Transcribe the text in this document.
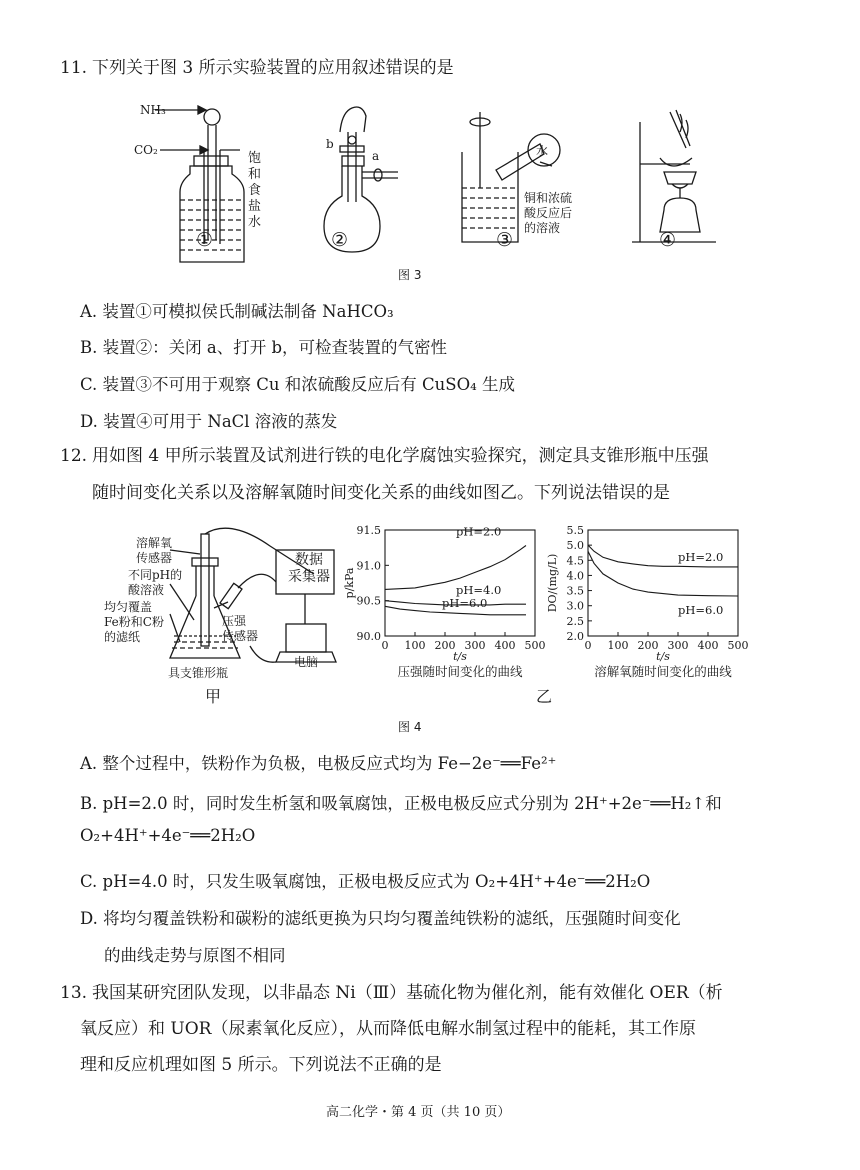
11. 下列关于图 3 所示实验装置的应用叙述错误的是
NH₃
CO₂
饱
和
食
盐
水
b
a	水
铜和浓硫
酸反应后
的溶液
①	②	③	④
图 3
A. 装置①可模拟侯氏制碱法制备 NaHCO₃
B. 装置②：关闭 a、打开 b，可检查装置的气密性
C. 装置③不可用于观察 Cu 和浓硫酸反应后有 CuSO₄ 生成
D. 装置④可用于 NaCl 溶液的蒸发
12. 用如图 4 甲所示装置及试剂进行铁的电化学腐蚀实验探究，测定具支锥形瓶中压强
随时间变化关系以及溶解氧随时间变化关系的曲线如图乙。下列说法错误的是
溶解氧
传感器
不同pH的
酸溶液
均匀覆盖
Fe粉和C粉
的滤纸
具支锥形瓶
压强
传感器
数据
采集器
电脑
甲
90.0
90.5
91.0
91.5
0 100 200 300 400 500
t/s
p/kPa
压强随时间变化的曲线
pH=2.0
pH=4.0
pH=6.0
2.0
2.5
3.0
3.5
4.0
4.5
5.0
5.5
0 100 200 300 400 500
t/s
DO/(mg/L)
溶解氧随时间变化的曲线
pH=2.0
pH=6.0
乙
图 4
A. 整个过程中，铁粉作为负极，电极反应式均为 Fe−2e⁻══Fe²⁺
B. pH=2.0 时，同时发生析氢和吸氧腐蚀，正极电极反应式分别为 2H⁺+2e⁻══H₂↑和
O₂+4H⁺+4e⁻══2H₂O
C. pH=4.0 时，只发生吸氧腐蚀，正极电极反应式为 O₂+4H⁺+4e⁻══2H₂O
D. 将均匀覆盖铁粉和碳粉的滤纸更换为只均匀覆盖纯铁粉的滤纸，压强随时间变化
的曲线走势与原图不相同
13. 我国某研究团队发现，以非晶态 Ni（Ⅲ）基硫化物为催化剂，能有效催化 OER（析
氧反应）和 UOR（尿素氧化反应），从而降低电解水制氢过程中的能耗，其工作原
理和反应机理如图 5 所示。下列说法不正确的是
高二化学・第 4 页（共 10 页）
